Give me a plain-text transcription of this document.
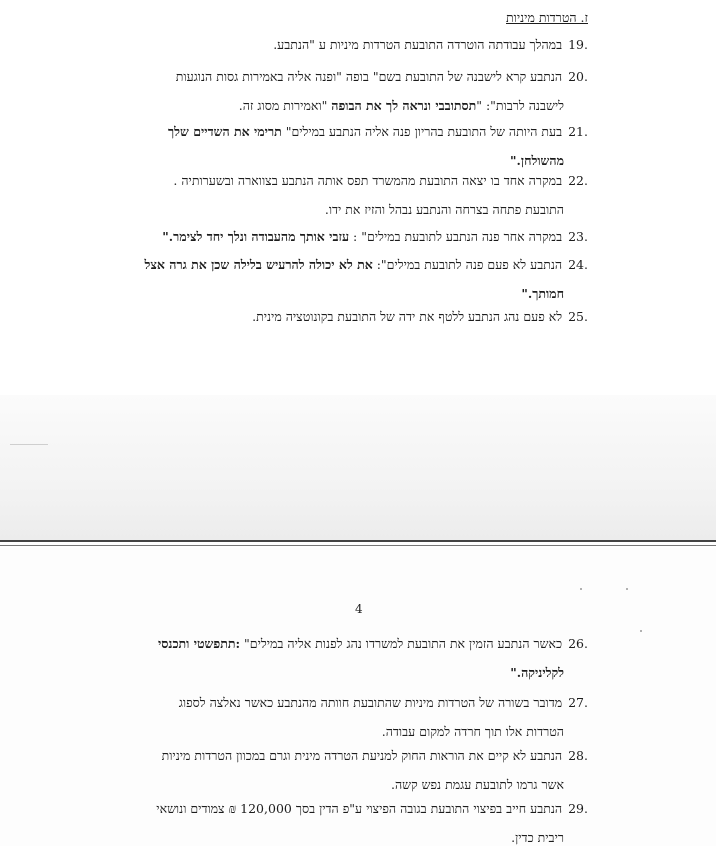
ז. הטרדות מיניות
4
.19במהלך עבודתה הוטרדה התובעת הטרדות מיניות ע "הנתבע.
.20הנתבע קרא לישבנה של התובעת בשם" בופה "ופנה אליה באמירות גסות הנוגעות
לישבנה לרבות": "תסתובבי ונראה לך את הבופה "ואמירות מסוג זה.
.21בעת היותה של התובעת בהריון פנה אליה הנתבע במילים" תרימי את השדיים שלך
מהשולחן."
.22במקרה אחד בו יצאה התובעת מהמשרד תפס אותה הנתבע בצווארה ובשערותיה .
התובעת פתחה בצרחה והנתבע נבהל והזיז את ידו.
.23במקרה אחר פנה הנתבע לתובעת במילים" : עזבי אותך מהעבודה ונלך יחד לצימר."
.24הנתבע לא פעם פנה לתובעת במילים": את לא יכולה להרעיש בלילה שכן את גרה אצל
חמותך."
.25לא פעם נהג הנתבע ללטף את ידה של התובעת בקונוטציה מינית.
.26כאשר הנתבע הזמין את התובעת למשרדו נהג לפנות אליה במילים" :תתפשטי ותכנסי
לקליניקה."
.27מדובר בשורה של הטרדות מיניות שהתובעת חוותה מהנתבע כאשר נאלצה לספוג
הטרדות אלו תוך חרדה למקום עבודה.
.28הנתבע לא קיים את הוראות החוק למניעת הטרדה מינית וגרם במכוון הטרדות מיניות
אשר גרמו לתובעת עגמת נפש קשה.
.29הנתבע חייב בפיצוי התובעת בגובה הפיצוי ע"פ הדין בסך 120,000 ₪ צמודים ונושאי
ריבית כדין.
